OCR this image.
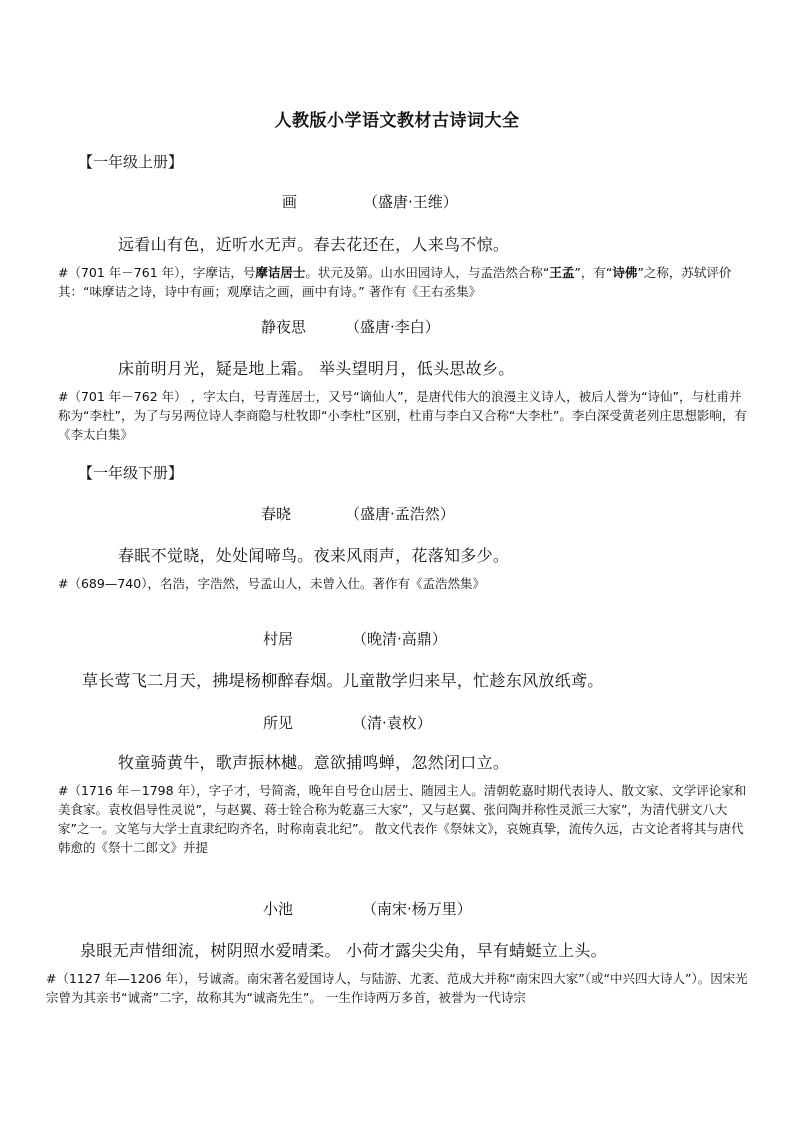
人教版小学语文教材古诗词大全
【一年级上册】
画	（盛唐·王维）
远看山有色，近听水无声。春去花还在，人来鸟不惊。
#（701 年－761 年），字摩诘，号摩诘居士。状元及第。山水田园诗人，与孟浩然合称“王孟”，有“诗佛”之称，苏轼评价其：“味摩诘之诗，诗中有画；观摩诘之画，画中有诗。” 著作有《王右丞集》
静夜思	（盛唐·李白）
床前明月光，疑是地上霜。 举头望明月，低头思故乡。
#（701 年－762 年） ，字太白，号青莲居士，又号“谪仙人”，是唐代伟大的浪漫主义诗人，被后人誉为“诗仙”，与杜甫并称为“李杜”，为了与另两位诗人李商隐与杜牧即“小李杜”区别，杜甫与李白又合称“大李杜”。李白深受黄老列庄思想影响，有《李太白集》
【一年级下册】
春晓	（盛唐·孟浩然）
春眠不觉晓，处处闻啼鸟。夜来风雨声，花落知多少。
#（689—740），名浩，字浩然，号孟山人，未曾入仕。著作有《孟浩然集》
村居	（晚清·高鼎）
草长莺飞二月天，拂堤杨柳醉春烟。儿童散学归来早，忙趁东风放纸鸢。
所见	（清·袁枚）
牧童骑黄牛，歌声振林樾。意欲捕鸣蝉，忽然闭口立。
#（1716 年－1798 年），字子才，号简斋，晚年自号仓山居士、随园主人。清朝乾嘉时期代表诗人、散文家、文学评论家和美食家。袁枚倡导性灵说”，与赵翼、蒋士铨合称为乾嘉三大家”，又与赵翼、张问陶并称性灵派三大家”，为清代骈文八大家”之一。文笔与大学士直隶纪昀齐名，时称南袁北纪”。 散文代表作《祭妹文》，哀婉真挚，流传久远，古文论者将其与唐代韩愈的《祭十二郎文》并提
小池	（南宋·杨万里）
泉眼无声惜细流，树阴照水爱晴柔。 小荷才露尖尖角，早有蜻蜓立上头。
#（1127 年—1206 年），号诚斋。南宋著名爱国诗人，与陆游、尤袤、范成大并称“南宋四大家”（或“中兴四大诗人”）。因宋光宗曾为其亲书“诚斋”二字，故称其为“诚斋先生”。 一生作诗两万多首，被誉为一代诗宗
